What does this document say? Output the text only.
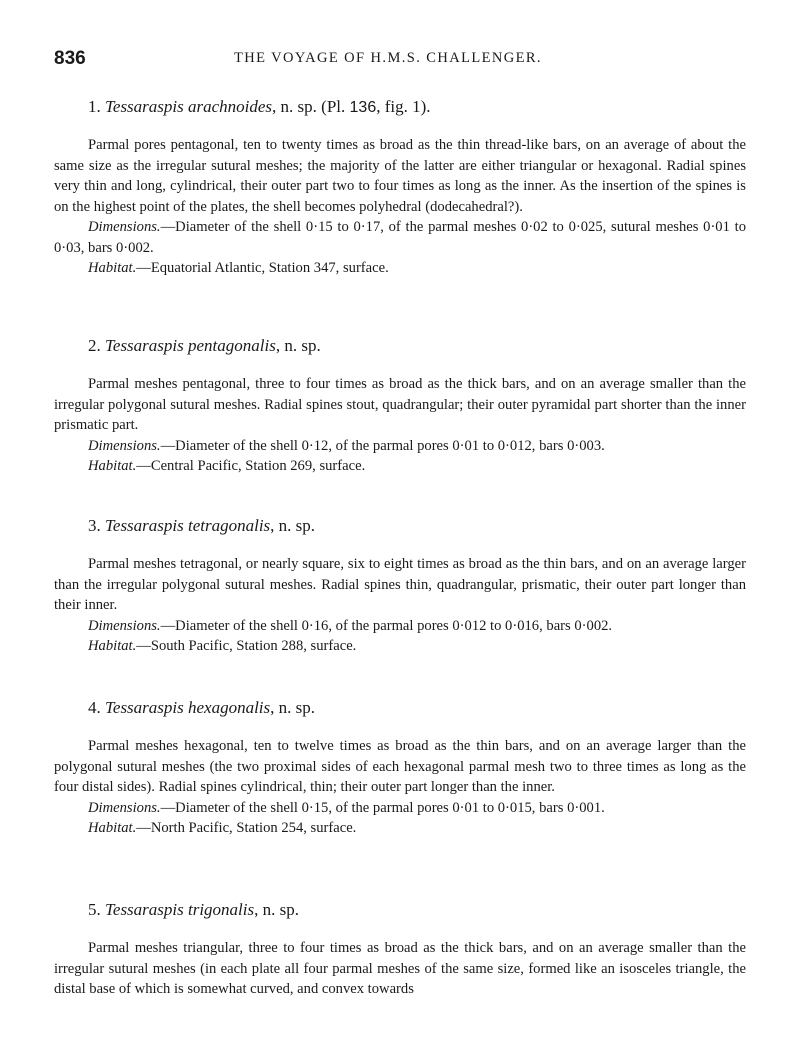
836	THE VOYAGE OF H.M.S. CHALLENGER.
1. Tessaraspis arachnoides, n. sp. (Pl. 136, fig. 1).

Parmal pores pentagonal, ten to twenty times as broad as the thin thread-like bars, on an average of about the same size as the irregular sutural meshes; the majority of the latter are either triangular or hexagonal. Radial spines very thin and long, cylindrical, their outer part two to four times as long as the inner. As the insertion of the spines is on the highest point of the plates, the shell becomes polyhedral (dodecahedral?).

Dimensions.—Diameter of the shell 0·15 to 0·17, of the parmal meshes 0·02 to 0·025, sutural meshes 0·01 to 0·03, bars 0·002.

Habitat.—Equatorial Atlantic, Station 347, surface.

2. Tessaraspis pentagonalis, n. sp.

Parmal meshes pentagonal, three to four times as broad as the thick bars, and on an average smaller than the irregular polygonal sutural meshes. Radial spines stout, quadrangular; their outer pyramidal part shorter than the inner prismatic part.

Dimensions.—Diameter of the shell 0·12, of the parmal pores 0·01 to 0·012, bars 0·003.

Habitat.—Central Pacific, Station 269, surface.

3. Tessaraspis tetragonalis, n. sp.

Parmal meshes tetragonal, or nearly square, six to eight times as broad as the thin bars, and on an average larger than the irregular polygonal sutural meshes. Radial spines thin, quadrangular, prismatic, their outer part longer than their inner.

Dimensions.—Diameter of the shell 0·16, of the parmal pores 0·012 to 0·016, bars 0·002.

Habitat.—South Pacific, Station 288, surface.

4. Tessaraspis hexagonalis, n. sp.

Parmal meshes hexagonal, ten to twelve times as broad as the thin bars, and on an average larger than the polygonal sutural meshes (the two proximal sides of each hexagonal parmal mesh two to three times as long as the four distal sides). Radial spines cylindrical, thin; their outer part longer than the inner.

Dimensions.—Diameter of the shell 0·15, of the parmal pores 0·01 to 0·015, bars 0·001.

Habitat.—North Pacific, Station 254, surface.

5. Tessaraspis trigonalis, n. sp.

Parmal meshes triangular, three to four times as broad as the thick bars, and on an average smaller than the irregular sutural meshes (in each plate all four parmal meshes of the same size, formed like an isosceles triangle, the distal base of which is somewhat curved, and convex towards
